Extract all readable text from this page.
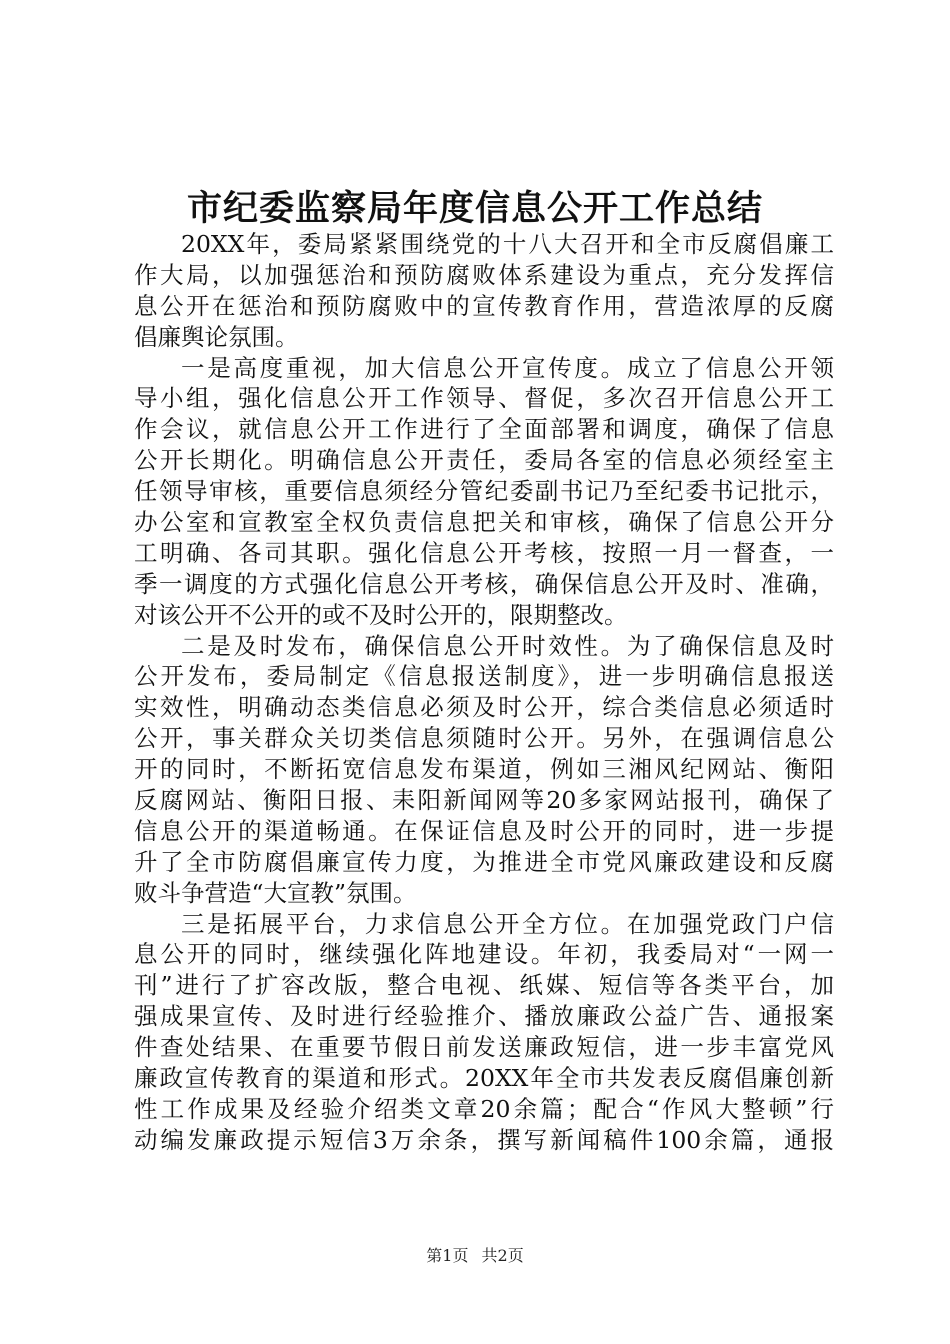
市纪委监察局年度信息公开工作总结
20XX年，委局紧紧围绕党的十八大召开和全市反腐倡廉工
作大局，以加强惩治和预防腐败体系建设为重点，充分发挥信
息公开在惩治和预防腐败中的宣传教育作用，营造浓厚的反腐
倡廉舆论氛围。
一是高度重视，加大信息公开宣传度。成立了信息公开领
导小组，强化信息公开工作领导、督促，多次召开信息公开工
作会议，就信息公开工作进行了全面部署和调度，确保了信息
公开长期化。明确信息公开责任，委局各室的信息必须经室主
任领导审核，重要信息须经分管纪委副书记乃至纪委书记批示，
办公室和宣教室全权负责信息把关和审核，确保了信息公开分
工明确、各司其职。强化信息公开考核，按照一月一督查，一
季一调度的方式强化信息公开考核，确保信息公开及时、准确，
对该公开不公开的或不及时公开的，限期整改。
二是及时发布，确保信息公开时效性。为了确保信息及时
公开发布，委局制定《信息报送制度》，进一步明确信息报送
实效性，明确动态类信息必须及时公开，综合类信息必须适时
公开，事关群众关切类信息须随时公开。另外，在强调信息公
开的同时，不断拓宽信息发布渠道，例如三湘风纪网站、衡阳
反腐网站、衡阳日报、耒阳新闻网等20多家网站报刊，确保了
信息公开的渠道畅通。在保证信息及时公开的同时，进一步提
升了全市防腐倡廉宣传力度，为推进全市党风廉政建设和反腐
败斗争营造“大宣教”氛围。
三是拓展平台，力求信息公开全方位。在加强党政门户信
息公开的同时，继续强化阵地建设。年初，我委局对“一网一
刊”进行了扩容改版，整合电视、纸媒、短信等各类平台，加
强成果宣传、及时进行经验推介、播放廉政公益广告、通报案
件查处结果、在重要节假日前发送廉政短信，进一步丰富党风
廉政宣传教育的渠道和形式。20XX年全市共发表反腐倡廉创新
性工作成果及经验介绍类文章20余篇；配合“作风大整顿”行
动编发廉政提示短信3万余条，撰写新闻稿件100余篇，通报
第1页 共2页
